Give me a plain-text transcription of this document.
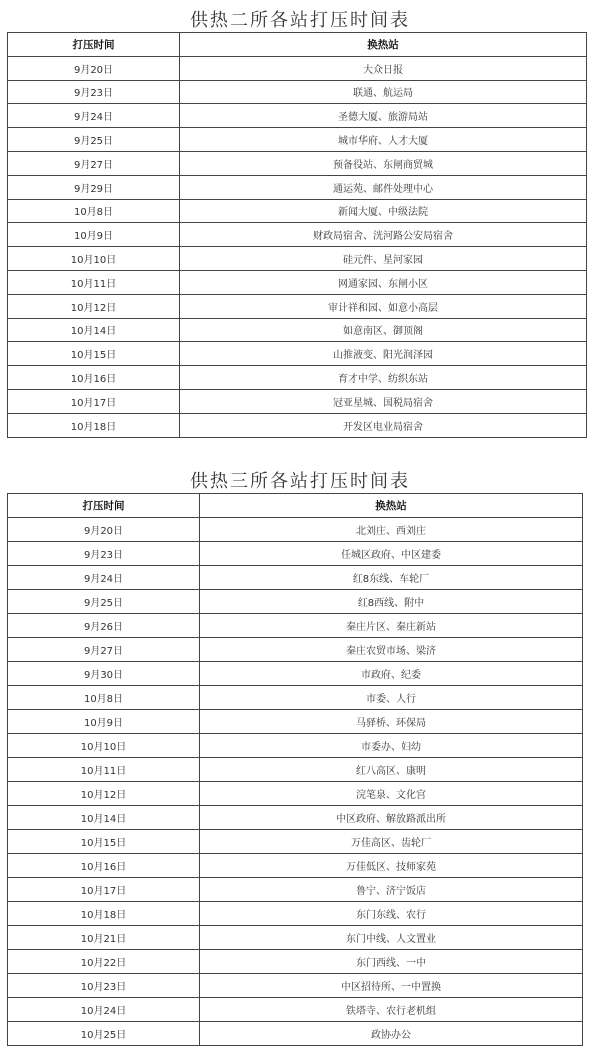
供热二所各站打压时间表
打压时间	换热站
9月20日	大众日报
9月23日	联通、航运局
9月24日	圣德大厦、旅游局站
9月25日	城市华府、人才大厦
9月27日	预备役站、东闸商贸城
9月29日	通运苑、邮件处理中心
10月8日	新闻大厦、中级法院
10月9日	财政局宿舍、洸河路公安局宿舍
10月10日	硅元件、星河家园
10月11日	网通家园、东闸小区
10月12日	审计祥和园、如意小高层
10月14日	如意南区、御顶阁
10月15日	山推液变、阳光润泽园
10月16日	育才中学、纺织东站
10月17日	冠亚星城、国税局宿舍
10月18日	开发区电业局宿舍
供热三所各站打压时间表
打压时间	换热站
9月20日	北刘庄、西刘庄
9月23日	任城区政府、中区建委
9月24日	红8东线、车轮厂
9月25日	红8西线、附中
9月26日	秦庄片区、秦庄新站
9月27日	秦庄农贸市场、梁济
9月30日	市政府、纪委
10月8日	市委、人行
10月9日	马驿桥、环保局
10月10日	市委办、妇幼
10月11日	红八高区、康明
10月12日	浣笔泉、文化宫
10月14日	中区政府、解放路派出所
10月15日	万佳高区、齿轮厂
10月16日	万佳低区、技师家苑
10月17日	鲁宁、济宁饭店
10月18日	东门东线、农行
10月21日	东门中线、人文置业
10月22日	东门西线、一中
10月23日	中区招待所、一中置换
10月24日	铁塔寺、农行老机组
10月25日	政协办公
